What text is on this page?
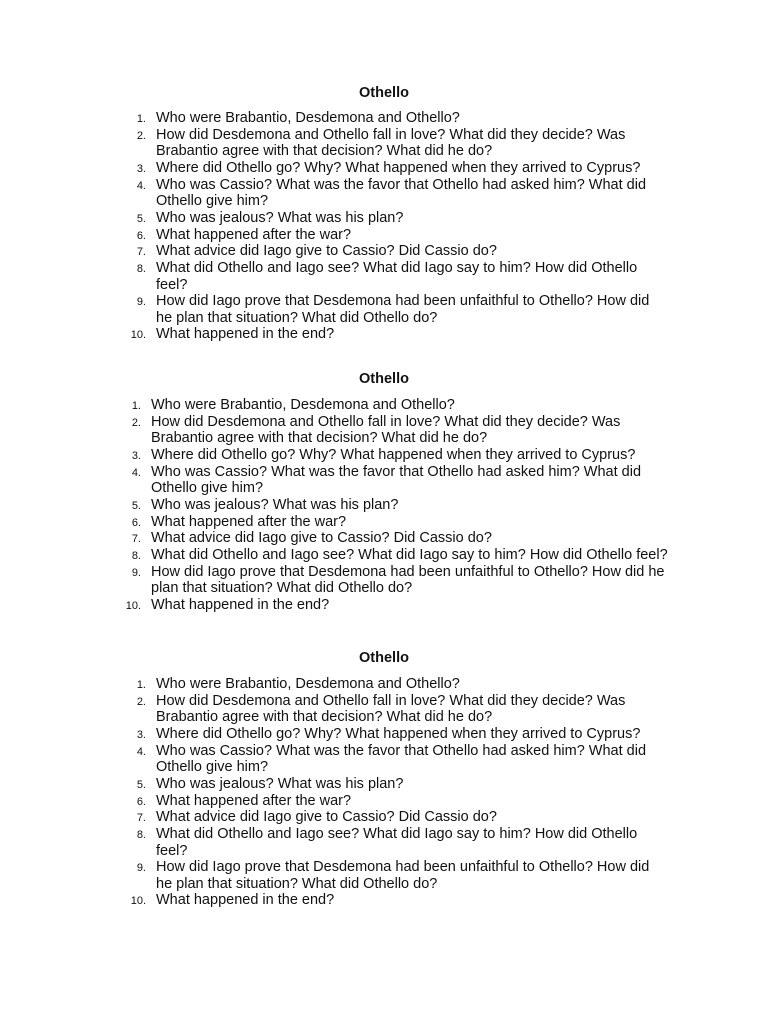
Othello
1. Who were Brabantio, Desdemona and Othello?
2. How did Desdemona and Othello fall in love? What did they decide? Was
Brabantio agree with that decision? What did he do?
3. Where did Othello go? Why? What happened when they arrived to Cyprus?
4. Who was Cassio? What was the favor that Othello had asked him? What did
Othello give him?
5. Who was jealous? What was his plan?
6. What happened after the war?
7. What advice did Iago give to Cassio? Did Cassio do?
8. What did Othello and Iago see? What did Iago say to him? How did Othello
feel?
9. How did Iago prove that Desdemona had been unfaithful to Othello? How did
he plan that situation? What did Othello do?
10. What happened in the end?
Othello
1. Who were Brabantio, Desdemona and Othello?
2. How did Desdemona and Othello fall in love? What did they decide? Was
Brabantio agree with that decision? What did he do?
3. Where did Othello go? Why? What happened when they arrived to Cyprus?
4. Who was Cassio? What was the favor that Othello had asked him? What did
Othello give him?
5. Who was jealous? What was his plan?
6. What happened after the war?
7. What advice did Iago give to Cassio? Did Cassio do?
8. What did Othello and Iago see? What did Iago say to him? How did Othello feel?
9. How did Iago prove that Desdemona had been unfaithful to Othello? How did he
plan that situation? What did Othello do?
10. What happened in the end?
Othello
1. Who were Brabantio, Desdemona and Othello?
2. How did Desdemona and Othello fall in love? What did they decide? Was
Brabantio agree with that decision? What did he do?
3. Where did Othello go? Why? What happened when they arrived to Cyprus?
4. Who was Cassio? What was the favor that Othello had asked him? What did
Othello give him?
5. Who was jealous? What was his plan?
6. What happened after the war?
7. What advice did Iago give to Cassio? Did Cassio do?
8. What did Othello and Iago see? What did Iago say to him? How did Othello
feel?
9. How did Iago prove that Desdemona had been unfaithful to Othello? How did
he plan that situation? What did Othello do?
10. What happened in the end?
